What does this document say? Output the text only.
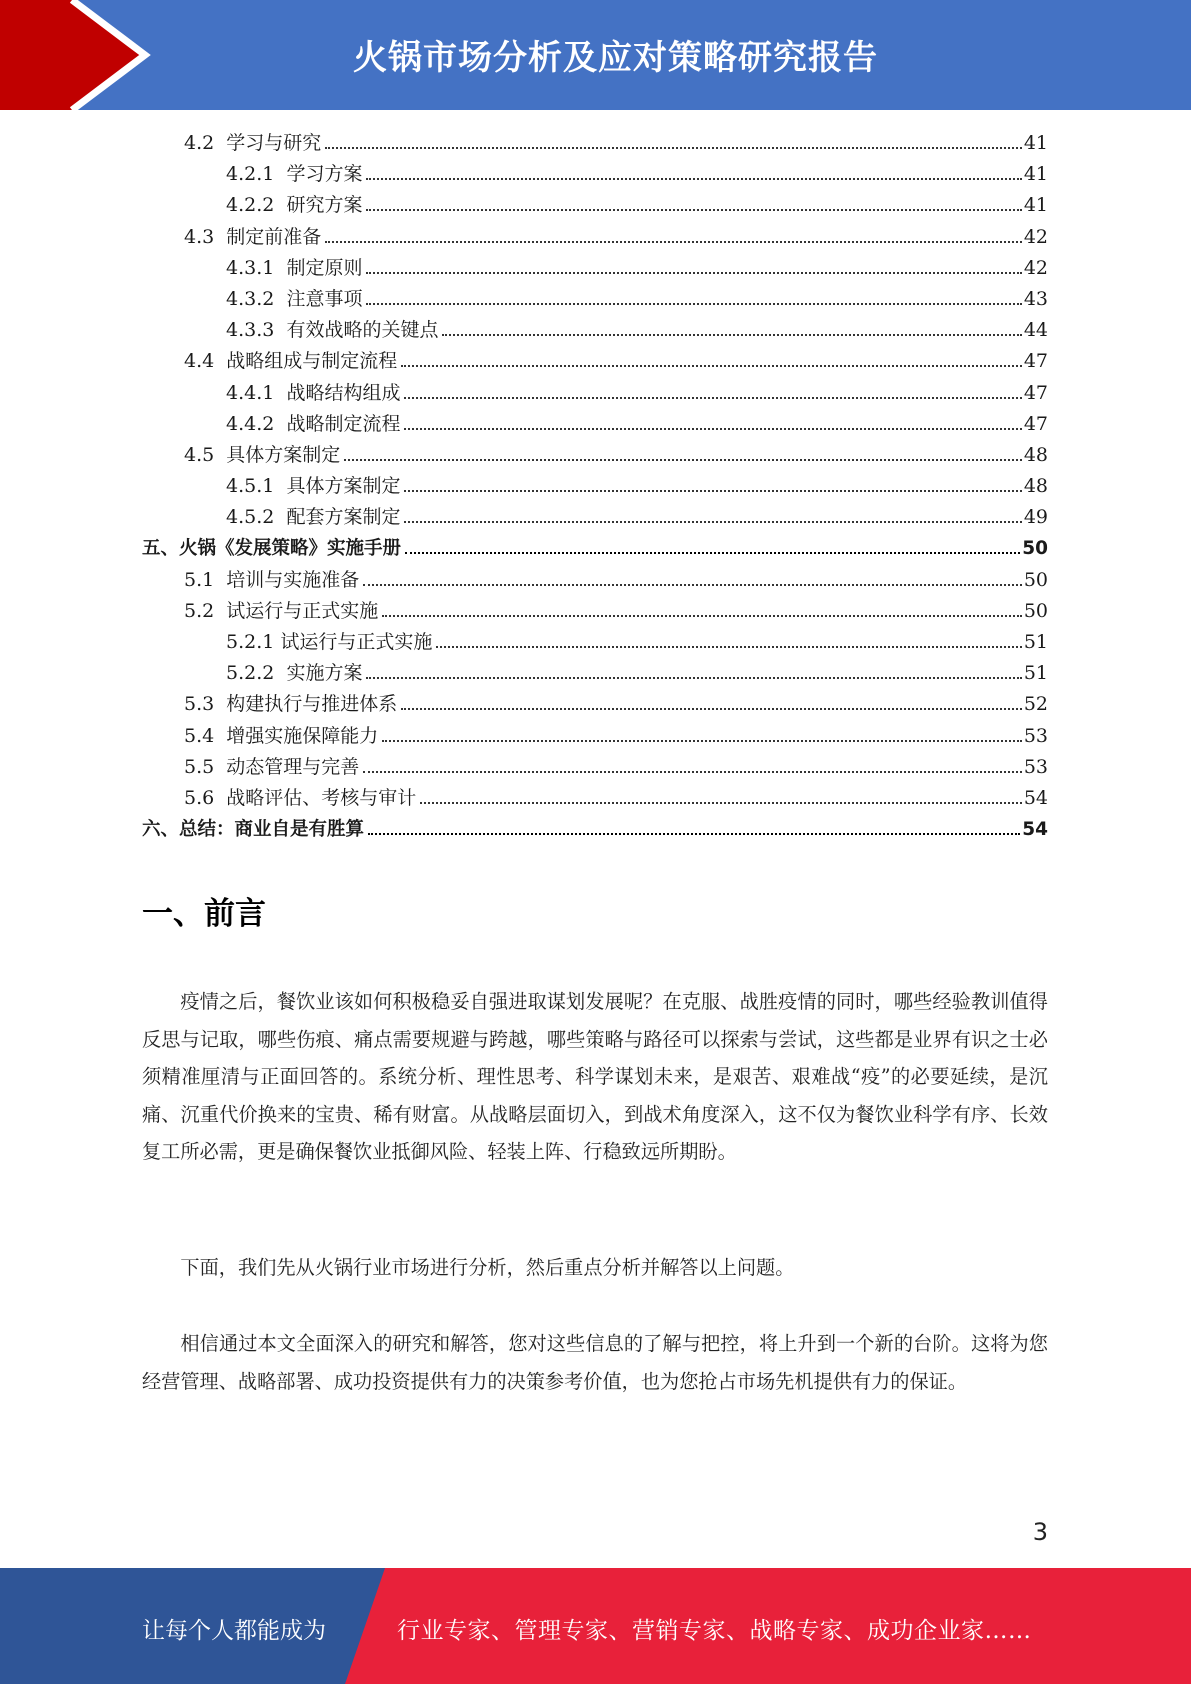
火锅市场分析及应对策略研究报告
4.2 学习与研究	41
4.2.1 学习方案	41
4.2.2 研究方案	41
4.3 制定前准备	42
4.3.1 制定原则	42
4.3.2 注意事项	43
4.3.3 有效战略的关键点	44
4.4 战略组成与制定流程	47
4.4.1 战略结构组成	47
4.4.2 战略制定流程	47
4.5 具体方案制定	48
4.5.1 具体方案制定	48
4.5.2 配套方案制定	49
五、火锅《发展策略》实施手册	50
5.1 培训与实施准备	50
5.2 试运行与正式实施	50
5.2.1 试运行与正式实施	51
5.2.2 实施方案	51
5.3 构建执行与推进体系	52
5.4 增强实施保障能力	53
5.5 动态管理与完善	53
5.6 战略评估、考核与审计	54
六、总结：商业自是有胜算	54
一、前言

疫情之后，餐饮业该如何积极稳妥自强进取谋划发展呢？在克服、战胜疫情的同时，哪些经验教训值得反思与记取，哪些伤痕、痛点需要规避与跨越，哪些策略与路径可以探索与尝试，这些都是业界有识之士必须精准厘清与正面回答的。系统分析、理性思考、科学谋划未来，是艰苦、艰难战“疫”的必要延续，是沉痛、沉重代价换来的宝贵、稀有财富。从战略层面切入，到战术角度深入，这不仅为餐饮业科学有序、长效复工所必需，更是确保餐饮业抵御风险、轻装上阵、行稳致远所期盼。

下面，我们先从火锅行业市场进行分析，然后重点分析并解答以上问题。

相信通过本文全面深入的研究和解答，您对这些信息的了解与把控，将上升到一个新的台阶。这将为您经营管理、战略部署、成功投资提供有力的决策参考价值，也为您抢占市场先机提供有力的保证。

3
让每个人都能成为	行业专家、管理专家、营销专家、战略专家、成功企业家……
